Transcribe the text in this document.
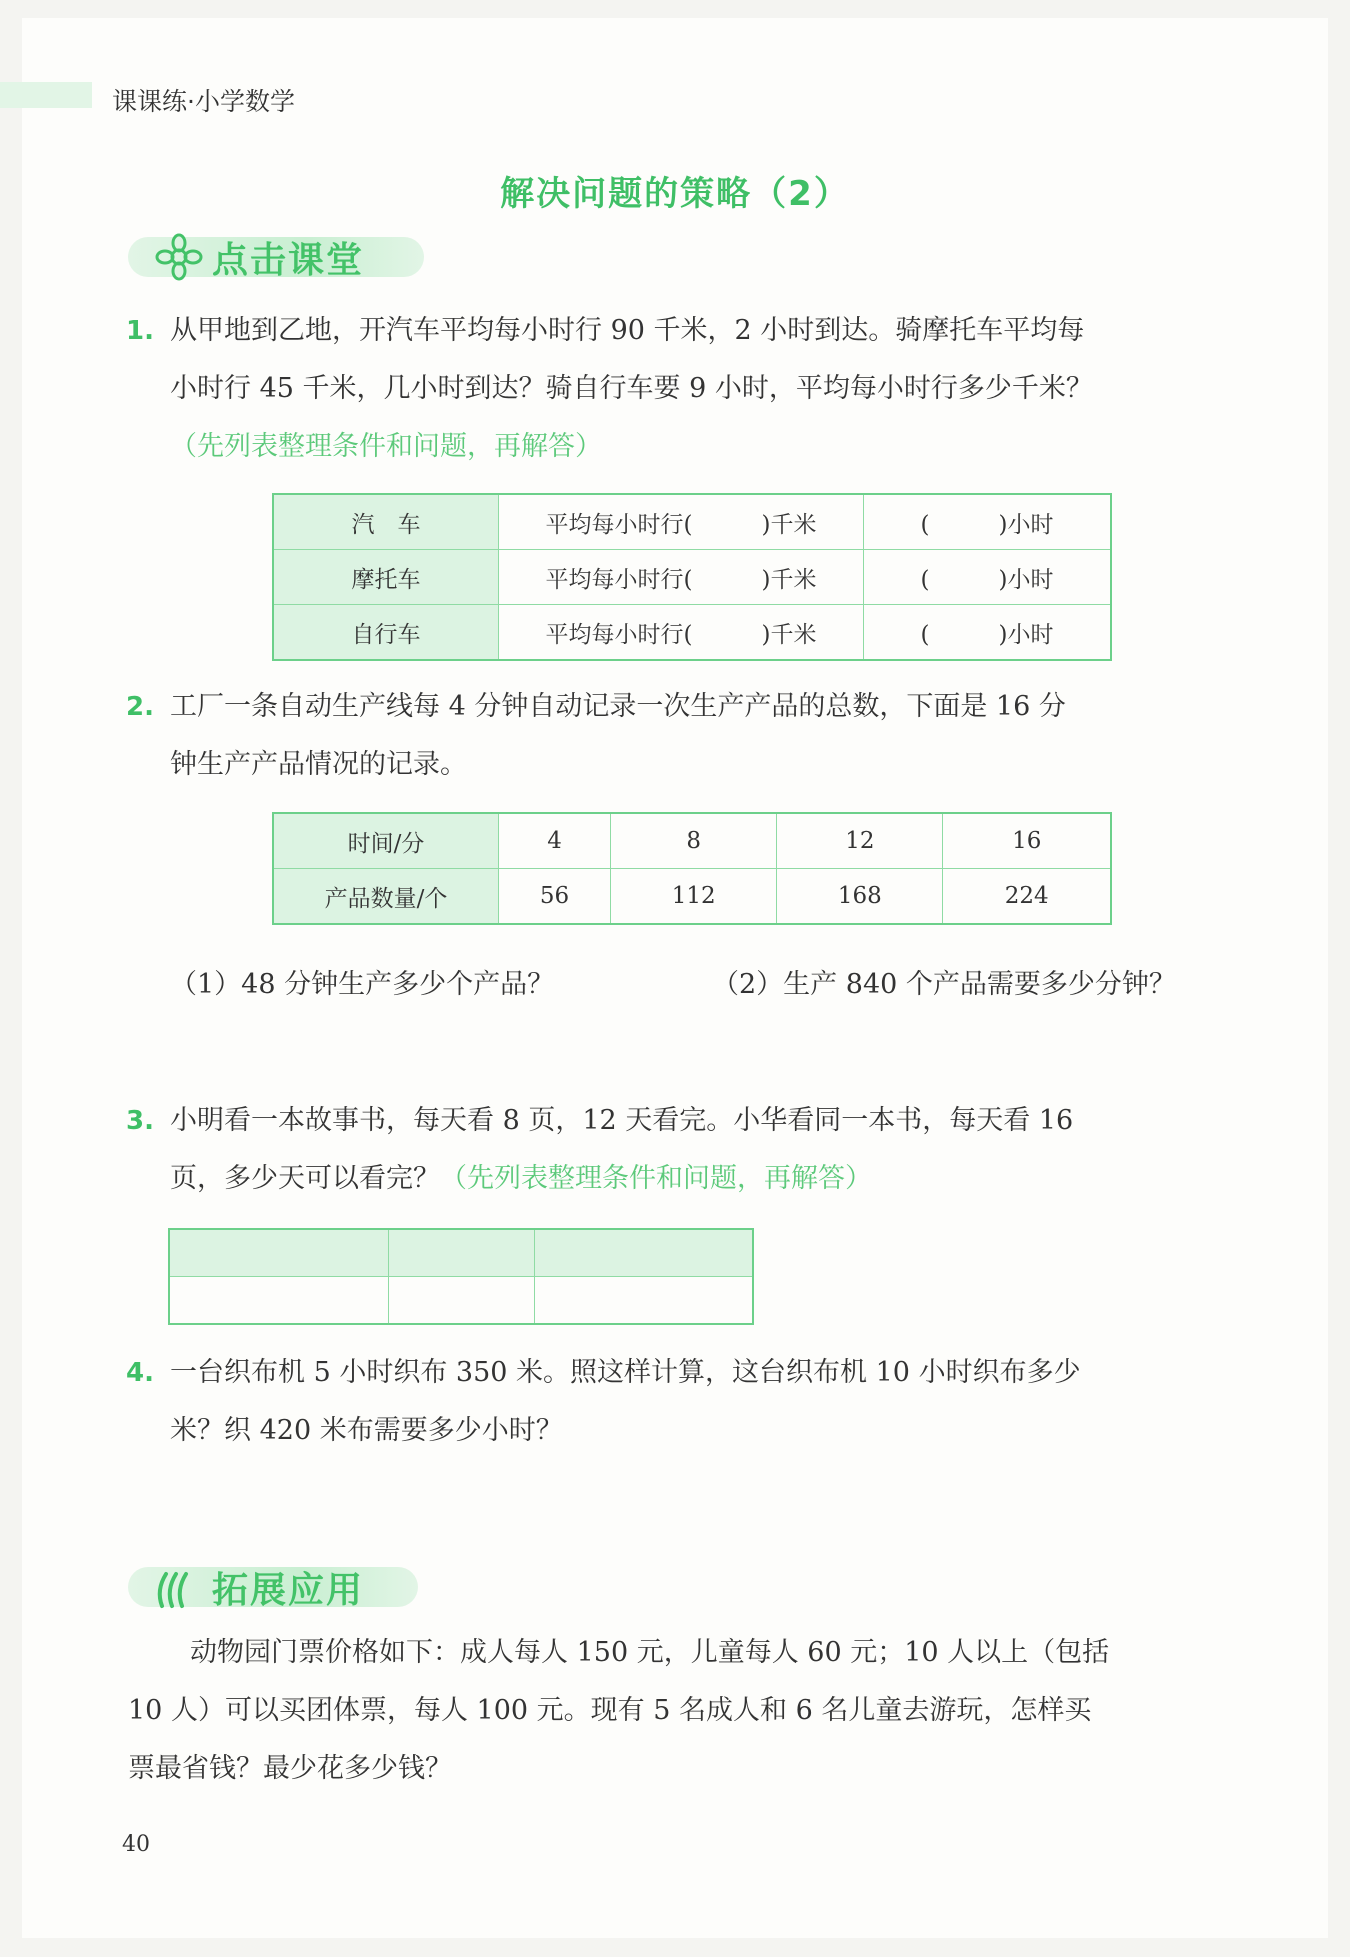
课课练·小学数学
解决问题的策略（2）
点击课堂
1. 从甲地到乙地，开汽车平均每小时行 90 千米，2 小时到达。骑摩托车平均每
小时行 45 千米，几小时到达？骑自行车要 9 小时，平均每小时行多少千米？
（先列表整理条件和问题，再解答）
汽　车	平均每小时行(　　　)千米	(　　　)小时
摩托车	平均每小时行(　　　)千米	(　　　)小时
自行车	平均每小时行(　　　)千米	(　　　)小时
2. 工厂一条自动生产线每 4 分钟自动记录一次生产产品的总数，下面是 16 分
钟生产产品情况的记录。
时间/分	4	8	12	16
产品数量/个	56	112	168	224
（1）48 分钟生产多少个产品？	（2）生产 840 个产品需要多少分钟？
3. 小明看一本故事书，每天看 8 页，12 天看完。小华看同一本书，每天看 16
页，多少天可以看完？（先列表整理条件和问题，再解答）

4. 一台织布机 5 小时织布 350 米。照这样计算，这台织布机 10 小时织布多少
米？织 420 米布需要多少小时？
拓展应用
动物园门票价格如下：成人每人 150 元，儿童每人 60 元；10 人以上（包括
10 人）可以买团体票，每人 100 元。现有 5 名成人和 6 名儿童去游玩，怎样买
票最省钱？最少花多少钱？
40
